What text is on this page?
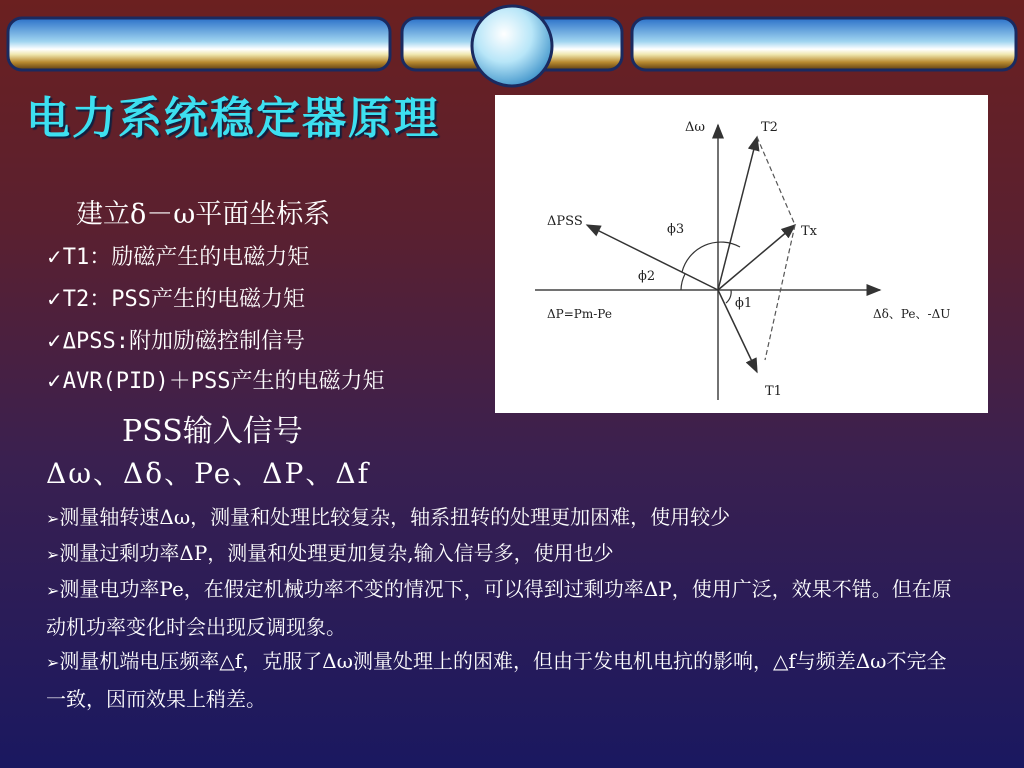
电力系统稳定器原理
建立δ－ω平面坐标系
✓T1：励磁产生的电磁力矩
✓T2：PSS产生的电磁力矩
✓ΔPSS:附加励磁控制信号
✓AVR(PID)＋PSS产生的电磁力矩
PSS输入信号
Δω、Δδ、Pe、ΔP、Δf
➢测量轴转速Δω，测量和处理比较复杂，轴系扭转的处理更加困难，使用较少
➢测量过剩功率ΔP，测量和处理更加复杂,输入信号多，使用也少
➢测量电功率Pe，在假定机械功率不变的情况下，可以得到过剩功率ΔP，使用广泛，效果不错。但在原动机功率变化时会出现反调现象。
➢测量机端电压频率△f，克服了Δω测量处理上的困难，但由于发电机电抗的影响，△f与频差Δω不完全一致，因而效果上稍差。
Δω
Δδ、Pe、-ΔU
ΔP=Pm-Pe
ΔPSS
T2
Tx
T1
ϕ1
ϕ2
ϕ3
